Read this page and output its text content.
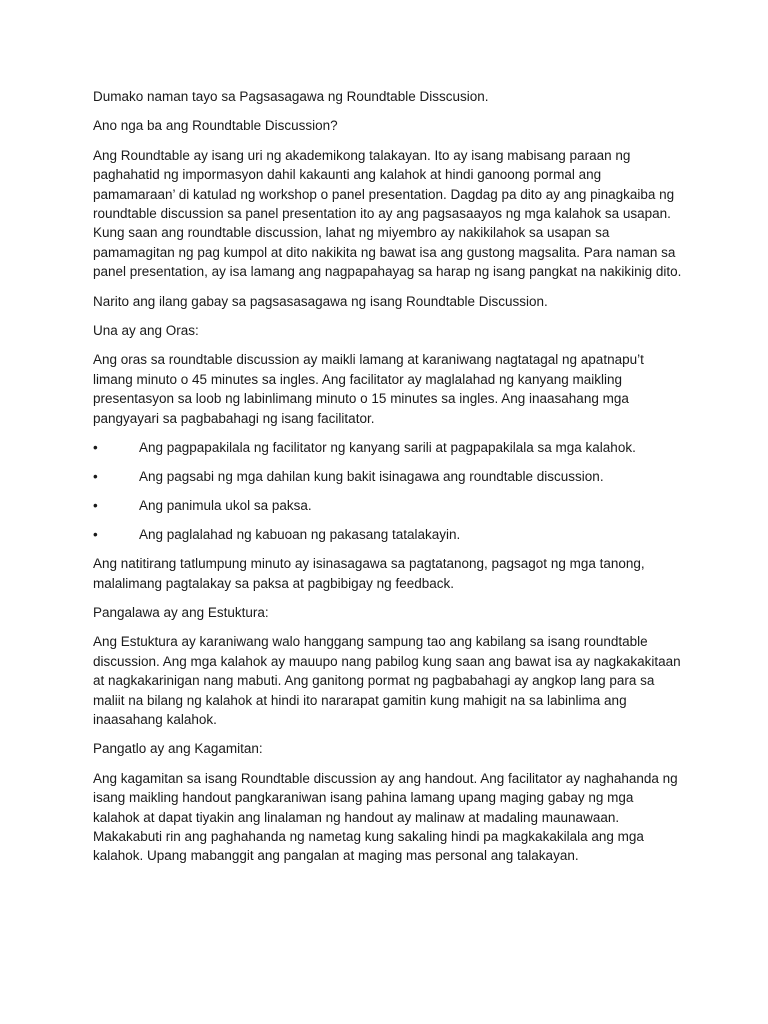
Dumako naman tayo sa Pagsasagawa ng Roundtable Disscusion.

Ano nga ba ang Roundtable Discussion?

Ang Roundtable ay isang uri ng akademikong talakayan. Ito ay isang mabisang paraan ng paghahatid ng impormasyon dahil kakaunti ang kalahok at hindi ganoong pormal ang pamamaraan’ di katulad ng workshop o panel presentation. Dagdag pa dito ay ang pinagkaiba ng roundtable discussion sa panel presentation ito ay ang pagsasaayos ng mga kalahok sa usapan. Kung saan ang roundtable discussion, lahat ng miyembro ay nakikilahok sa usapan sa pamamagitan ng pag kumpol at dito nakikita ng bawat isa ang gustong magsalita. Para naman sa panel presentation, ay isa lamang ang nagpapahayag sa harap ng isang pangkat na nakikinig dito.

Narito ang ilang gabay sa pagsasasagawa ng isang Roundtable Discussion.

Una ay ang Oras:

Ang oras sa roundtable discussion ay maikli lamang at karaniwang nagtatagal ng apatnapu’t limang minuto o 45 minutes sa ingles. Ang facilitator ay maglalahad ng kanyang maikling presentasyon sa loob ng labinlimang minuto o 15 minutes sa ingles. Ang inaasahang mga pangyayari sa pagbabahagi ng isang facilitator.

•	Ang pagpapakilala ng facilitator ng kanyang sarili at pagpapakilala sa mga kalahok.
•	Ang pagsabi ng mga dahilan kung bakit isinagawa ang roundtable discussion.
•	Ang panimula ukol sa paksa.
•	Ang paglalahad ng kabuoan ng pakasang tatalakayin.

Ang natitirang tatlumpung minuto ay isinasagawa sa pagtatanong, pagsagot ng mga tanong, malalimang pagtalakay sa paksa at pagbibigay ng feedback.

Pangalawa ay ang Estuktura:

Ang Estuktura ay karaniwang walo hanggang sampung tao ang kabilang sa isang roundtable discussion. Ang mga kalahok ay mauupo nang pabilog kung saan ang bawat isa ay nagkakakitaan at nagkakarinigan nang mabuti. Ang ganitong pormat ng pagbabahagi ay angkop lang para sa maliit na bilang ng kalahok at hindi ito nararapat gamitin kung mahigit na sa labinlima ang inaasahang kalahok.

Pangatlo ay ang Kagamitan:

Ang kagamitan sa isang Roundtable discussion ay ang handout. Ang facilitator ay naghahanda ng isang maikling handout pangkaraniwan isang pahina lamang upang maging gabay ng mga kalahok at dapat tiyakin ang linalaman ng handout ay malinaw at madaling maunawaan. Makakabuti rin ang paghahanda ng nametag kung sakaling hindi pa magkakakilala ang mga kalahok. Upang mabanggit ang pangalan at maging mas personal ang talakayan.
